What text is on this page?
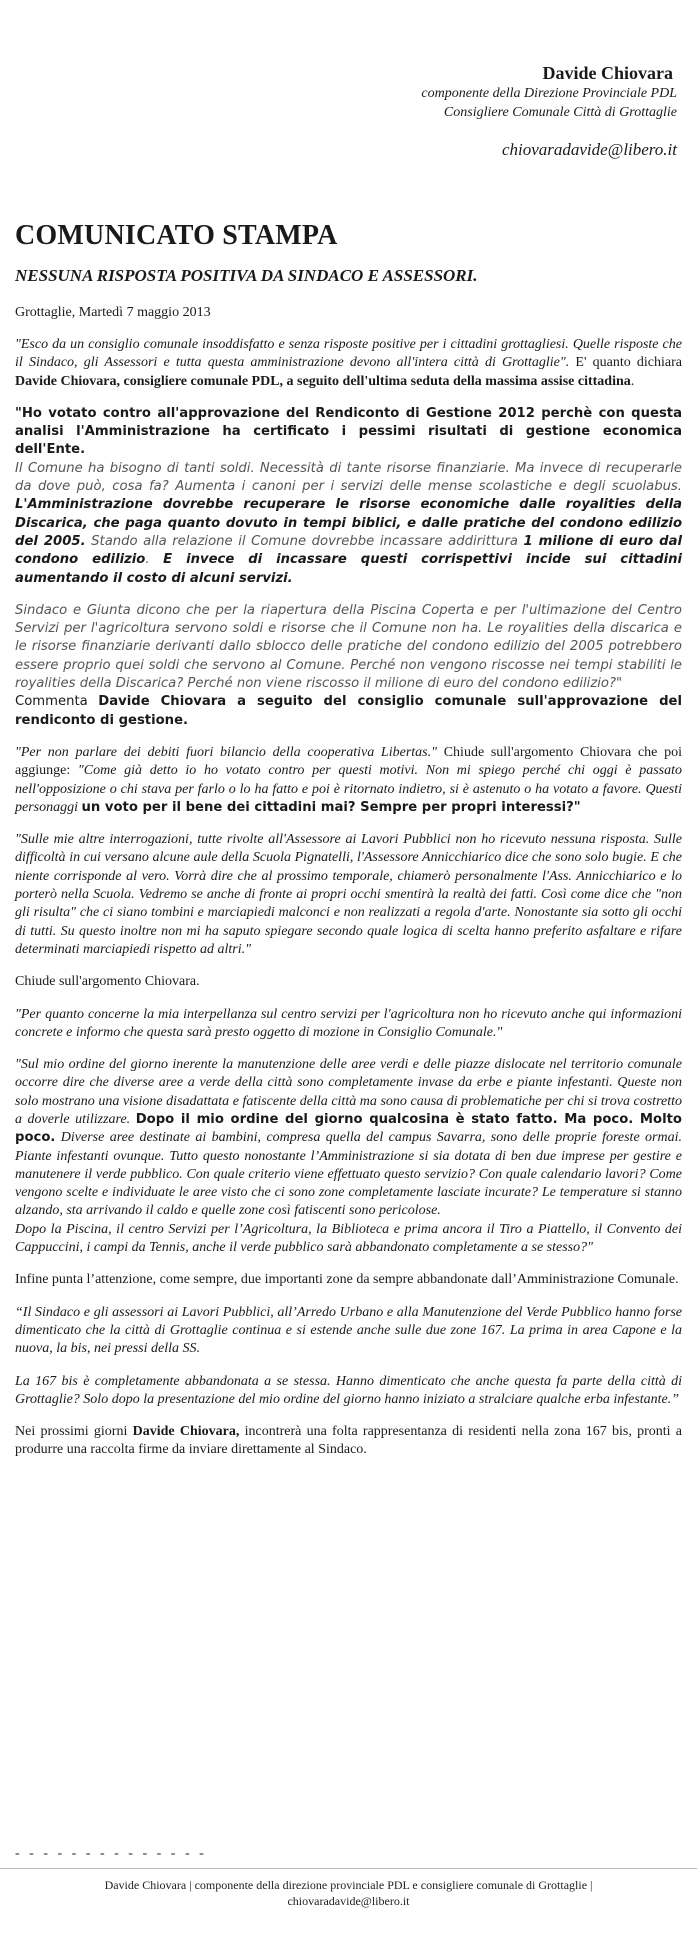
Davide Chiovara
componente della Direzione Provinciale PDL
Consigliere Comunale Città di Grottaglie
chiovaradavide@libero.it
COMUNICATO STAMPA
NESSUNA RISPOSTA POSITIVA DA SINDACO E ASSESSORI.
Grottaglie, Martedì 7 maggio 2013

"Esco da un consiglio comunale insoddisfatto e senza risposte positive per i cittadini grottagliesi. Quelle risposte che il Sindaco, gli Assessori e tutta questa amministrazione devono all'intera città di Grottaglie". E' quanto dichiara Davide Chiovara, consigliere comunale PDL, a seguito dell'ultima seduta della massima assise cittadina.

"Ho votato contro all'approvazione del Rendiconto di Gestione 2012 perchè con questa analisi l'Amministrazione ha certificato i pessimi risultati di gestione economica dell'Ente.
Il Comune ha bisogno di tanti soldi. Necessità di tante risorse finanziarie. Ma invece di recuperarle da dove può, cosa fa? Aumenta i canoni per i servizi delle mense scolastiche e degli scuolabus. L'Amministrazione dovrebbe recuperare le risorse economiche dalle royalities della Discarica, che paga quanto dovuto in tempi biblici, e dalle pratiche del condono edilizio del 2005. Stando alla relazione il Comune dovrebbe incassare addirittura 1 milione di euro dal condono edilizio. E invece di incassare questi corrispettivi incide sui cittadini aumentando il costo di alcuni servizi.

Sindaco e Giunta dicono che per la riapertura della Piscina Coperta e per l'ultimazione del Centro Servizi per l'agricoltura servono soldi e risorse che il Comune non ha. Le royalities della discarica e le risorse finanziarie derivanti dallo sblocco delle pratiche del condono edilizio del 2005 potrebbero essere proprio quei soldi che servono al Comune. Perché non vengono riscosse nei tempi stabiliti le royalities della Discarica? Perché non viene riscosso il milione di euro del condono edilizio?"
Commenta Davide Chiovara a seguito del consiglio comunale sull'approvazione del rendiconto di gestione.

"Per non parlare dei debiti fuori bilancio della cooperativa Libertas." Chiude sull'argomento Chiovara che poi aggiunge: "Come già detto io ho votato contro per questi motivi. Non mi spiego perché chi oggi è passato nell'opposizione o chi stava per farlo o lo ha fatto e poi è ritornato indietro, si è astenuto o ha votato a favore. Questi personaggi un voto per il bene dei cittadini mai? Sempre per propri interessi?"

"Sulle mie altre interrogazioni, tutte rivolte all'Assessore ai Lavori Pubblici non ho ricevuto nessuna risposta. Sulle difficoltà in cui versano alcune aule della Scuola Pignatelli, l'Assessore Annicchiarico dice che sono solo bugie. E che niente corrisponde al vero. Vorrà dire che al prossimo temporale, chiamerò personalmente l'Ass. Annicchiarico e lo porterò nella Scuola. Vedremo se anche di fronte ai propri occhi smentirà la realtà dei fatti. Così come dice che "non gli risulta" che ci siano tombini e marciapiedi malconci e non realizzati a regola d'arte. Nonostante sia sotto gli occhi di tutti. Su questo inoltre non mi ha saputo spiegare secondo quale logica di scelta hanno preferito asfaltare e rifare determinati marciapiedi rispetto ad altri."

Chiude sull'argomento Chiovara.

"Per quanto concerne la mia interpellanza sul centro servizi per l'agricoltura non ho ricevuto anche qui informazioni concrete e informo che questa sarà presto oggetto di mozione in Consiglio Comunale."

"Sul mio ordine del giorno inerente la manutenzione delle aree verdi e delle piazze dislocate nel territorio comunale occorre dire che diverse aree a verde della città sono completamente invase da erbe e piante infestanti. Queste non solo mostrano una visione disadattata e fatiscente della città ma sono causa di problematiche per chi si trova costretto a doverle utilizzare. Dopo il mio ordine del giorno qualcosina è stato fatto. Ma poco. Molto poco. Diverse aree destinate ai bambini, compresa quella del campus Savarra, sono delle proprie foreste ormai. Piante infestanti ovunque. Tutto questo nonostante l’Amministrazione si sia dotata di ben due imprese per gestire e manutenere il verde pubblico. Con quale criterio viene effettuato questo servizio? Con quale calendario lavori? Come vengono scelte e individuate le aree visto che ci sono zone completamente lasciate incurate? Le temperature si stanno alzando, sta arrivando il caldo e quelle zone così fatiscenti sono pericolose.
Dopo la Piscina, il centro Servizi per l’Agricoltura, la Biblioteca e prima ancora il Tiro a Piattello, il Convento dei Cappuccini, i campi da Tennis, anche il verde pubblico sarà abbandonato completamente a se stesso?"

Infine punta l’attenzione, come sempre, due importanti zone da sempre abbandonate dall’Amministrazione Comunale.

“Il Sindaco e gli assessori ai Lavori Pubblici, all’Arredo Urbano e alla Manutenzione del Verde Pubblico hanno forse dimenticato che la città di Grottaglie continua e si estende anche sulle due zone 167. La prima in area Capone e la nuova, la bis, nei pressi della SS.

La 167 bis è completamente abbandonata a se stessa. Hanno dimenticato che anche questa fa parte della città di Grottaglie? Solo dopo la presentazione del mio ordine del giorno hanno iniziato a stralciare qualche erba infestante.”

Nei prossimi giorni Davide Chiovara, incontrerà una folta rappresentanza di residenti nella zona 167 bis, pronti a produrre una raccolta firme da inviare direttamente al Sindaco.

- - - - - - - - - - - - - -
Davide Chiovara | componente della direzione provinciale PDL e consigliere comunale di Grottaglie |
chiovaradavide@libero.it
